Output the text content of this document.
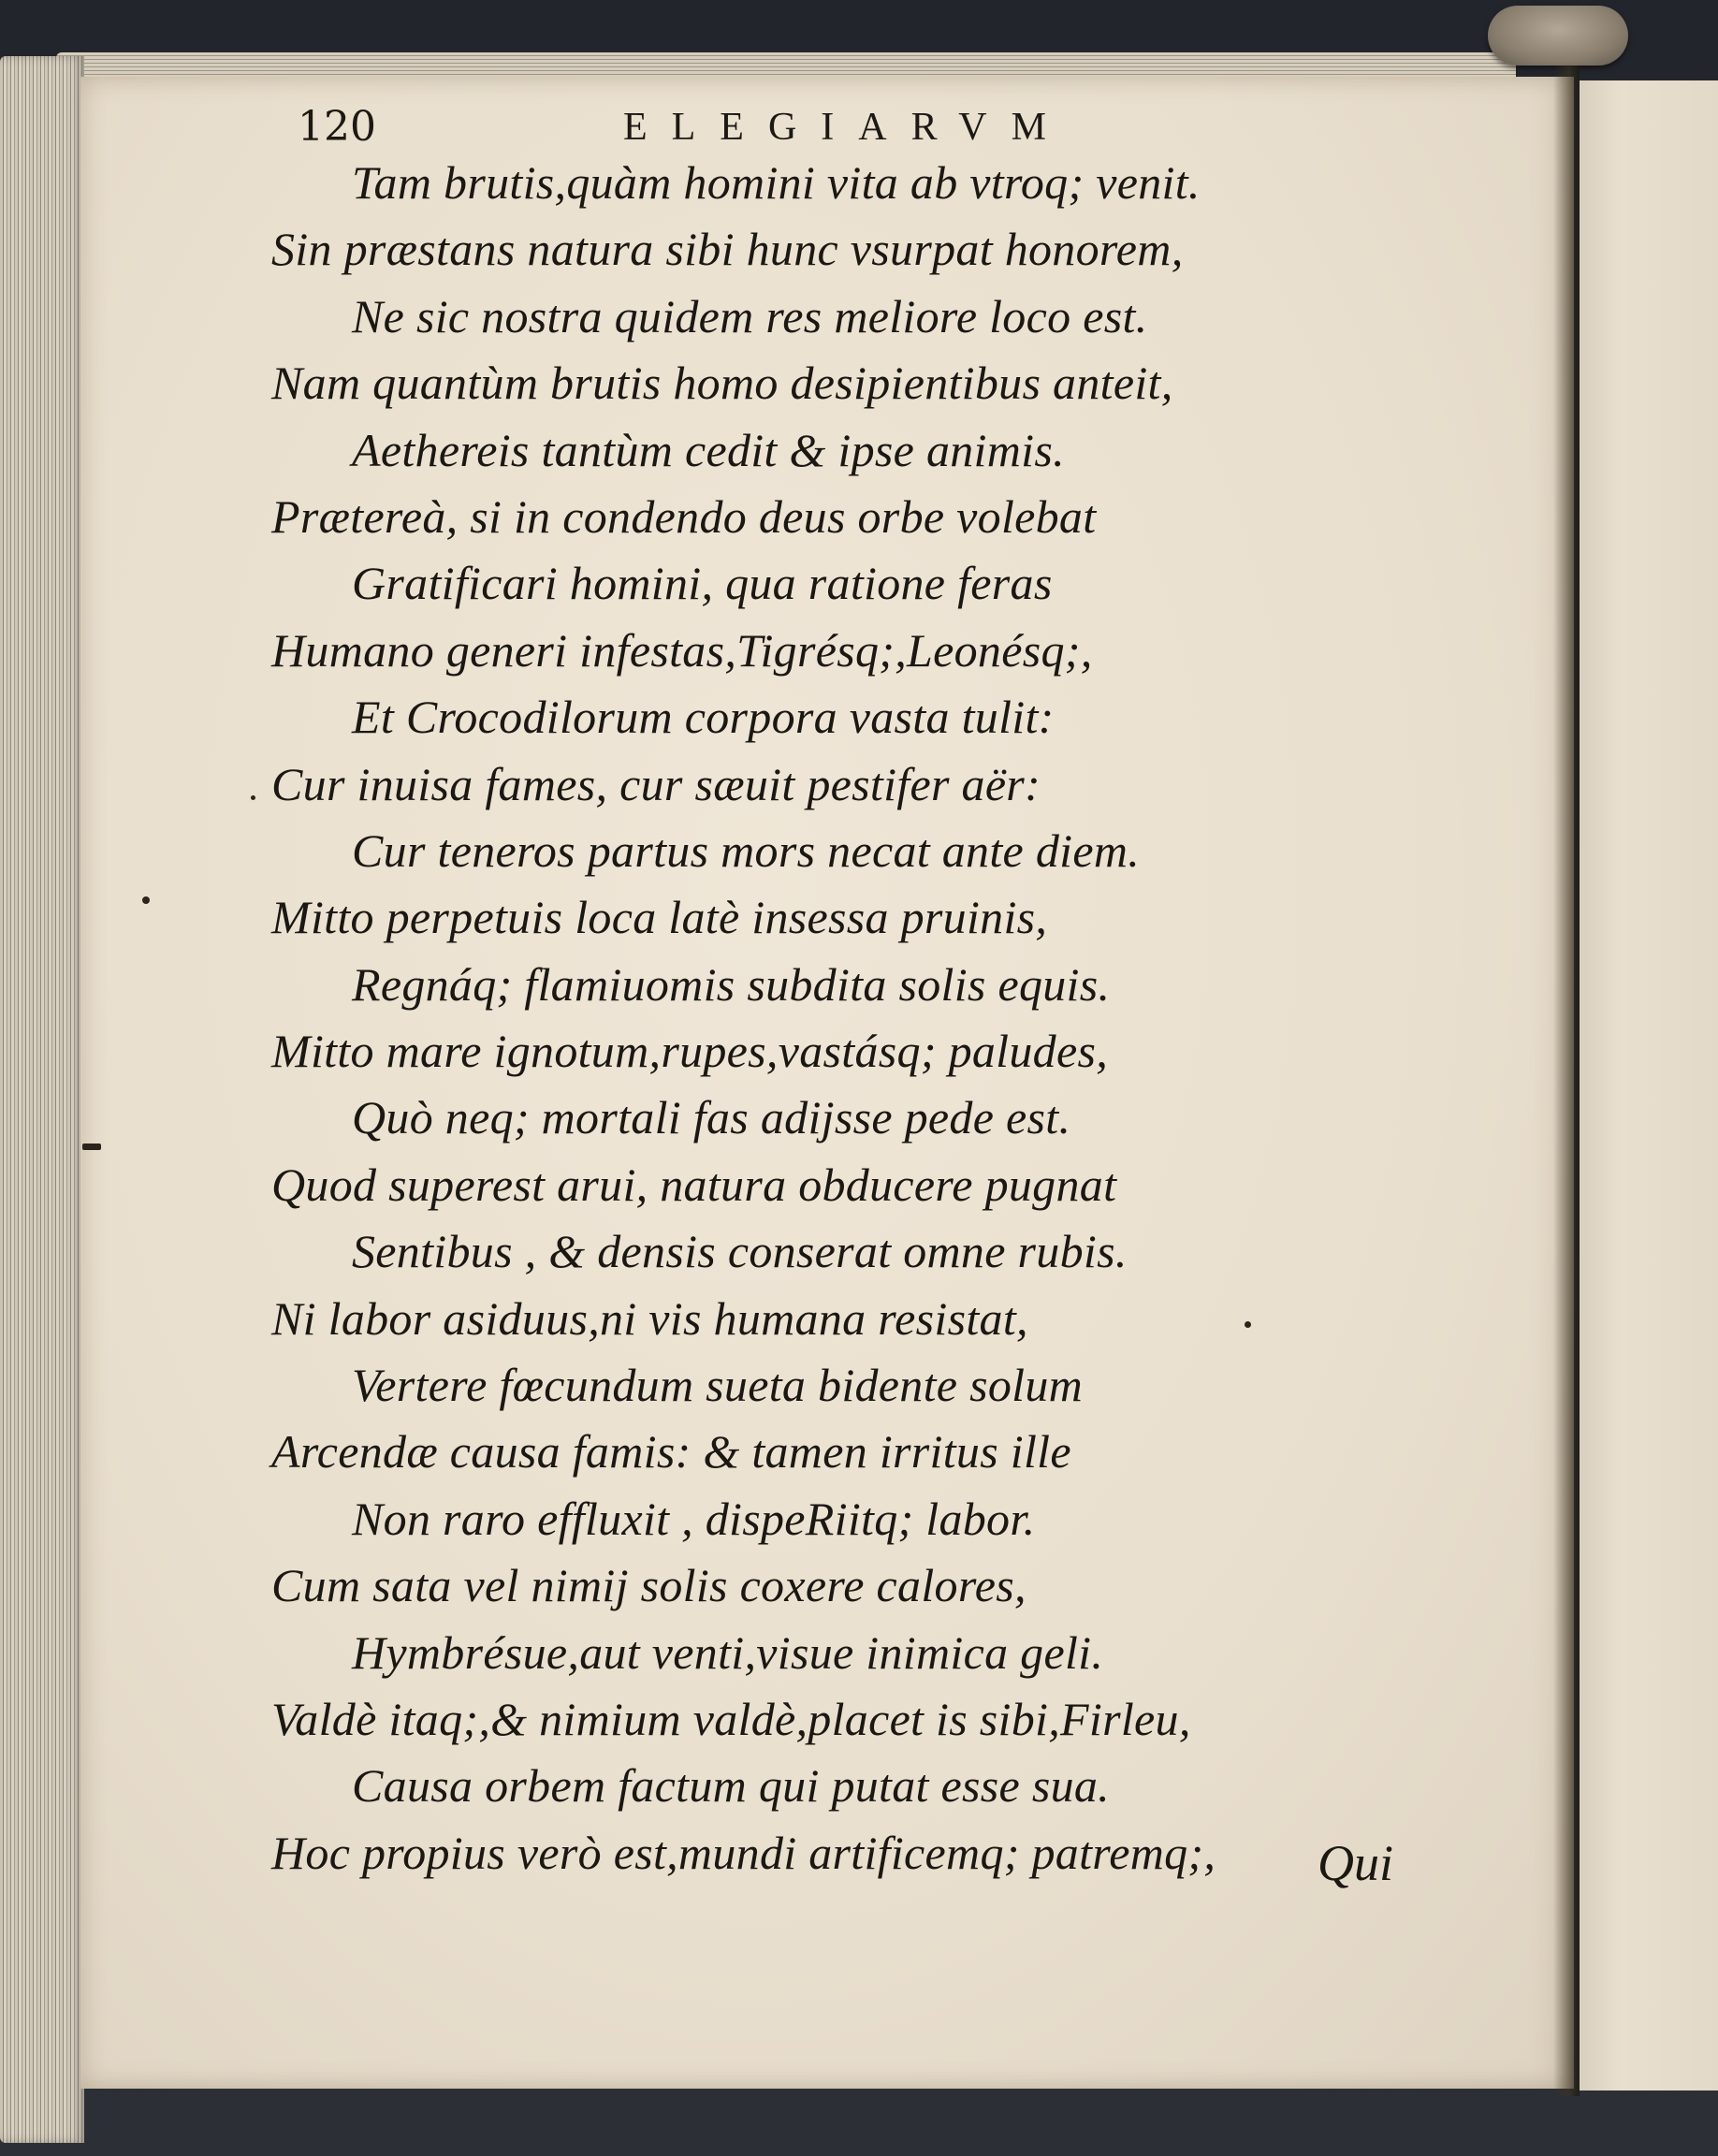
120	ELEGIARVM
Tam brutis,quàm homini vita ab vtroq; venit.
Sin præstans natura sibi hunc vsurpat honorem,
Ne sic nostra quidem res meliore loco est.
Nam quantùm brutis homo desipientibus anteit,
Aethereis tantùm cedit & ipse animis.
Prætereà, si in condendo deus orbe volebat
Gratificari homini, qua ratione feras
Humano generi infestas,Tigrésq;,Leonésq;,
Et Crocodilorum corpora vasta tulit:
Cur inuisa fames, cur sæuit pestifer aër:
Cur teneros partus mors necat ante diem.
Mitto perpetuis loca latè insessa pruinis,
Regnáq; flamiuomis subdita solis equis.
Mitto mare ignotum,rupes,vastásq; paludes,
Quò neq; mortali fas adijsse pede est.
Quod superest arui, natura obducere pugnat
Sentibus , & densis conserat omne rubis.
Ni labor asiduus,ni vis humana resistat,
Vertere fœcundum sueta bidente solum
Arcendæ causa famis: & tamen irritus ille
Non raro effluxit , dispeRiitq; labor.
Cum sata vel nimij solis coxere calores,
Hymbrésue,aut venti,visue inimica geli.
Valdè itaq;,& nimium valdè,placet is sibi,Firleu,
Causa orbem factum qui putat esse sua.
Hoc propius verò est,mundi artificemq; patremq;,	Qui
